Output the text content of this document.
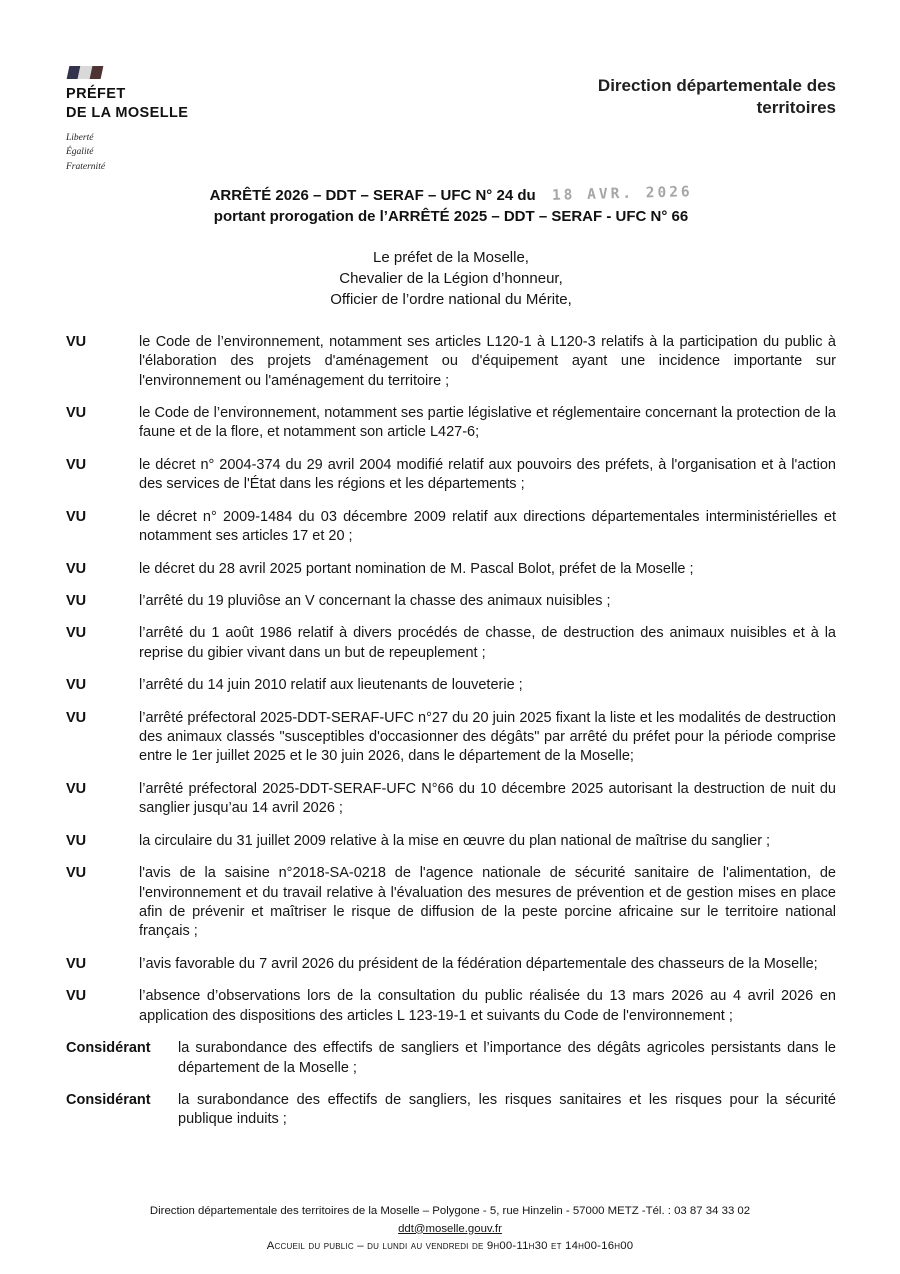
PRÉFET
DE LA MOSELLE
Liberté
Égalité
Fraternité
Direction départementale des territoires
ARRÊTÉ 2026 – DDT – SERAF – UFC N° 24 du 18 AVR. 2026
portant prorogation de l’ARRÊTÉ 2025 – DDT – SERAF - UFC N° 66
Le préfet de la Moselle,
Chevalier de la Légion d’honneur,
Officier de l’ordre national du Mérite,
VU	le Code de l’environnement, notamment ses articles L120-1 à L120-3 relatifs à la participation du public à l'élaboration des projets d'aménagement ou d'équipement ayant une incidence importante sur l'environnement ou l'aménagement du territoire ;
VU	le Code de l’environnement, notamment ses partie législative et réglementaire concernant la protection de la faune et de la flore, et notamment son article L427-6;
VU	le décret n° 2004-374 du 29 avril 2004 modifié relatif aux pouvoirs des préfets, à l'organisation et à l'action des services de l'État dans les régions et les départements ;
VU	le décret n° 2009-1484 du 03 décembre 2009 relatif aux directions départementales interministérielles et notamment ses articles 17 et 20 ;
VU	le décret du 28 avril 2025 portant nomination de M. Pascal Bolot, préfet de la Moselle ;
VU	l’arrêté du 19 pluviôse an V concernant la chasse des animaux nuisibles ;
VU	l’arrêté du 1 août 1986 relatif à divers procédés de chasse, de destruction des animaux nuisibles et à la reprise du gibier vivant dans un but de repeuplement ;
VU	l’arrêté du 14 juin 2010 relatif aux lieutenants de louveterie ;
VU	l’arrêté préfectoral 2025-DDT-SERAF-UFC n°27 du 20 juin 2025 fixant la liste et les modalités de destruction des animaux classés "susceptibles d'occasionner des dégâts" par arrêté du préfet pour la période comprise entre le 1er juillet 2025 et le 30 juin 2026, dans le département de la Moselle;
VU	l’arrêté préfectoral 2025-DDT-SERAF-UFC N°66 du 10 décembre 2025 autorisant la destruction de nuit du sanglier jusqu’au 14 avril 2026 ;
VU	la circulaire du 31 juillet 2009 relative à la mise en œuvre du plan national de maîtrise du sanglier ;
VU	l'avis de la saisine n°2018-SA-0218 de l'agence nationale de sécurité sanitaire de l'alimentation, de l'environnement et du travail relative à l'évaluation des mesures de prévention et de gestion mises en place afin de prévenir et maîtriser le risque de diffusion de la peste porcine africaine sur le territoire national français ;
VU	l’avis favorable du 7 avril 2026 du président de la fédération départementale des chasseurs de la Moselle;
VU	l’absence d’observations lors de la consultation du public réalisée du 13 mars 2026 au 4 avril 2026 en application des dispositions des articles L 123-19-1 et suivants du Code de l'environnement ;
Considérant	la surabondance des effectifs de sangliers et l’importance des dégâts agricoles persistants dans le département de la Moselle ;
Considérant	la surabondance des effectifs de sangliers, les risques sanitaires et les risques pour la sécurité publique induits ;
Direction départementale des territoires de la Moselle – Polygone - 5, rue Hinzelin - 57000 METZ -Tél. : 03 87 34 33 02
ddt@moselle.gouv.fr
Accueil du public – du lundi au vendredi de 9h00-11h30 et 14h00-16h00
